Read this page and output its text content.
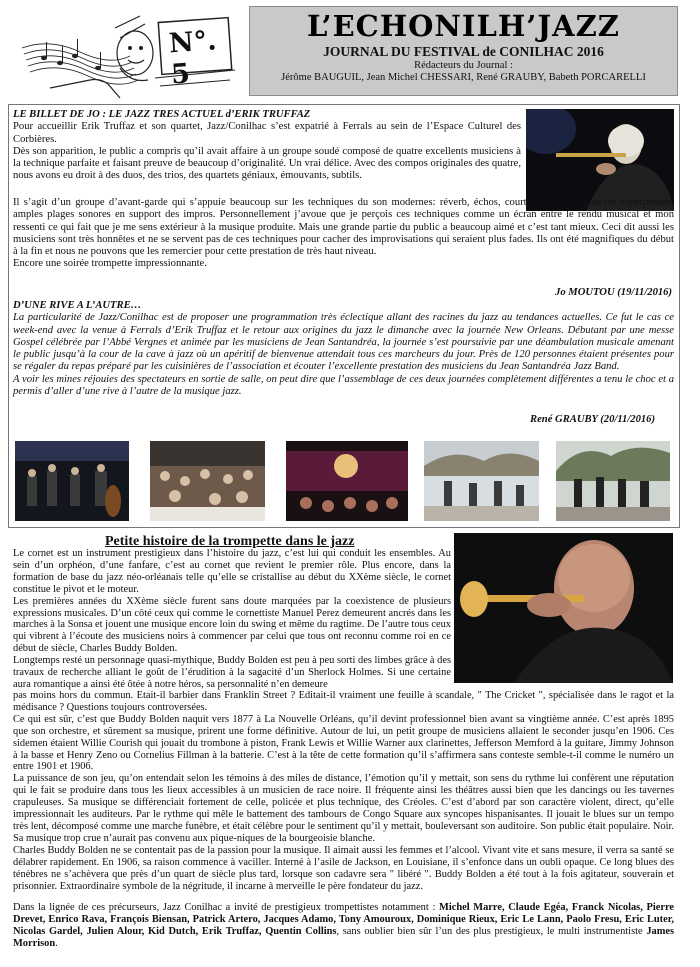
N°. 5
L’ECHONILH’JAZZ
JOURNAL DU FESTIVAL de CONILHAC 2016
Rédacteurs du Journal :
Jérôme BAUGUIL, Jean Michel CHESSARI, René GRAUBY, Babeth PORCARELLI

LE BILLET DE JO : LE JAZZ TRES ACTUEL d’ERIK TRUFFAZ

Pour accueillir Erik Truffaz et son quartet, Jazz/Conilhac s’est expatrié à Ferrals au sein de l’Espace Culturel des Corbières.

Dès son apparition, le public a compris qu’il avait affaire à un groupe soudé composé de quatre excellents musiciens à la technique parfaite et faisant preuve de beaucoup d’originalité. Un vrai délice. Avec des compos originales des quatre, nous avons eu droit à des duos, des trios, des quartets géniaux, émouvants, subtils.

Il s’agit d’un groupe d’avant-garde qui s’appuie beaucoup sur les techniques du son modernes: réverb, échos, courts thèmes en boucles superposées, amples plages sonores en support des impros. Personnellement j’avoue que je perçois ces techniques comme un écran entre le rendu musical et mon ressenti ce qui fait que je me sens extérieur à la musique produite. Mais une grande partie du public a beaucoup aimé et c’est tant mieux. Ceci dit aussi les musiciens sont très honnêtes et ne se servent pas de ces techniques pour cacher des improvisations qui seraient plus fades. Ils ont été magnifiques du début à la fin et nous ne pouvons que les remercier pour cette prestation de très haut niveau.

Encore une soirée trompette impressionnante.

Jo MOUTOU (19/11/2016)

D’UNE RIVE A L’AUTRE…

La particularité de Jazz/Conilhac est de proposer une programmation très éclectique allant des racines du jazz au tendances actuelles. Ce fut le cas ce week-end avec la venue à Ferrals d’Erik Truffaz et le retour aux origines du jazz le dimanche avec la journée New Orleans. Débutant par une messe Gospel célébrée par l’Abbé Vergnes et animée par les musiciens de Jean Santandréa, la journée s’est poursuivie par une déambulation musicale amenant le public jusqu’à la cour de la cave à jazz où un apéritif de bienvenue attendait tous ces marcheurs du jour. Près de 120 personnes étaient présentes pour se régaler du repas préparé par les cuisinières de l’association et écouter l’excellente prestation des musiciens du Jean Santandréa Jazz Band.

A voir les mines réjouies des spectateurs en sortie de salle, on peut dire que l’assemblage de ces deux journées complètement différentes a tenu le choc et a permis d’aller d’une rive à l’autre de la musique jazz.

René GRAUBY (20/11/2016)
Petite histoire de la trompette dans le jazz

Le cornet est un instrument prestigieux dans l’histoire du jazz, c’est lui qui conduit les ensembles. Au sein d’un orphéon, d’une fanfare, c’est au cornet que revient le premier rôle. Plus encore, dans la formation de base du jazz néo-orléanais telle qu’elle se cristallise au début du XXème siècle, le cornet constitue le pivot et le moteur.

Les premières années du XXème siècle furent sans doute marquées par la coexistence de plusieurs expressions musicales. D’un côté ceux qui comme le cornettiste Manuel Perez demeurent ancrés dans les marches à la Sonsa et jouent une musique encore loin du swing et même du ragtime. De l’autre tous ceux qui vibrent à l’écoute des musiciens noirs à commencer par celui que tous ont reconnu comme roi en ce début de siècle, Charles Buddy Bolden.

Longtemps resté un personnage quasi-mythique, Buddy Bolden est peu à peu sorti des limbes grâce à des travaux de recherche alliant le goût de l’érudition à la sagacité d’un Sherlock Holmes. Si une certaine aura romantique a ainsi été ôtée à notre héros, sa personnalité n’en demeure

pas moins hors du commun. Etait-il barbier dans Franklin Street ? Editait-il vraiment une feuille à scandale, " The Cricket ", spécialisée dans le ragot et la médisance ? Questions toujours controversées.

Ce qui est sûr, c’est que Buddy Bolden naquit vers 1877 à La Nouvelle Orléans, qu’il devint professionnel bien avant sa vingtième année. C’est après 1895 que son orchestre, et sûrement sa musique, prirent une forme définitive. Autour de lui, un petit groupe de musiciens allaient le seconder jusqu’en 1906. Ces sidemen étaient Willie Courish qui jouait du trombone à piston, Frank Lewis et Willie Warner aux clarinettes, Jefferson Memford à la guitare, Jimmy Johnson à la basse et Henry Zeno ou Cornelius Fillman à la batterie. C’est à la tête de cette formation qu’il s’affirmera sans conteste semble-t-il comme le numéro un entre 1901 et 1906.

La puissance de son jeu, qu’on entendait selon les témoins à des miles de distance, l’émotion qu’il y mettait, son sens du rythme lui confèrent une réputation qui le fait se produire dans tous les lieux accessibles à un musicien de race noire. Il fréquente ainsi les théâtres aussi bien que les dancings ou les tavernes crapuleuses. Sa musique se différenciait fortement de celle, policée et plus technique, des Créoles. C’est d’abord par son caractère violent, direct, qu’elle impressionnait les auditeurs. Par le rythme qui mêle le battement des tambours de Congo Square aux syncopes hispanisantes. Il jouait le blues sur un tempo très lent, décomposé comme une marche funèbre, et était célèbre pour le sentiment qu’il y mettait, bouleversant son auditoire. Son public était populaire. Noir. Sa musique trop crue n’aurait pas convenu aux pique-niques de la bourgeoisie blanche.

Charles Buddy Bolden ne se contentait pas de la passion pour la musique. Il aimait aussi les femmes et l’alcool. Vivant vite et sans mesure, il verra sa santé se délabrer rapidement. En 1906, sa raison commence à vaciller. Interné à l’asile de Jackson, en Louisiane, il s’enfonce dans un oubli opaque. Ce long blues des ténèbres ne s’achèvera que près d’un quart de siècle plus tard, lorsque son cadavre sera " libéré ". Buddy Bolden a été tout à la fois agitateur, souverain et prisonnier. Extraordinaire symbole de la négritude, il incarne à merveille le père fondateur du jazz.

Dans la lignée de ces précurseurs, Jazz Conilhac a invité de prestigieux trompettistes notamment : Michel Marre, Claude Egéa, Franck Nicolas, Pierre Drevet, Enrico Rava, François Biensan, Patrick Artero, Jacques Adamo, Tony Amouroux, Dominique Rieux, Eric Le Lann, Paolo Fresu, Eric Luter, Nicolas Gardel, Julien Alour, Kid Dutch, Erik Truffaz, Quentin Collins, sans oublier bien sûr l’un des plus prestigieux, le multi instrumentiste James Morrison.
